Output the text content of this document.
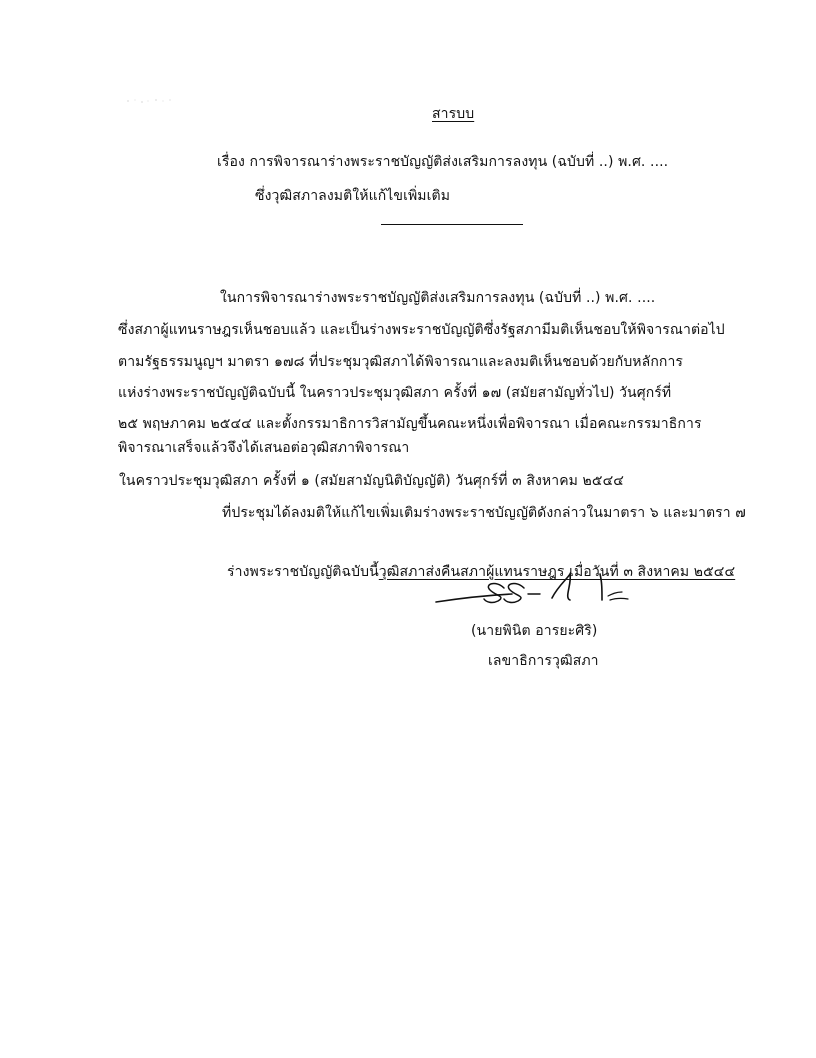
สารบบ
เรื่อง การพิจารณาร่างพระราชบัญญัติส่งเสริมการลงทุน (ฉบับที่ ..) พ.ศ. ....
ซึ่งวุฒิสภาลงมติให้แก้ไขเพิ่มเติม
ในการพิจารณาร่างพระราชบัญญัติส่งเสริมการลงทุน (ฉบับที่ ..) พ.ศ. ....
ซึ่งสภาผู้แทนราษฎรเห็นชอบแล้ว และเป็นร่างพระราชบัญญัติซึ่งรัฐสภามีมติเห็นชอบให้พิจารณาต่อไป
ตามรัฐธรรมนูญฯ มาตรา ๑๗๘ ที่ประชุมวุฒิสภาได้พิจารณาและลงมติเห็นชอบด้วยกับหลักการ
แห่งร่างพระราชบัญญัติฉบับนี้ ในคราวประชุมวุฒิสภา ครั้งที่ ๑๗ (สมัยสามัญทั่วไป) วันศุกร์ที่
๒๕ พฤษภาคม ๒๕๔๔ และตั้งกรรมาธิการวิสามัญขึ้นคณะหนึ่งเพื่อพิจารณา เมื่อคณะกรรมาธิการ
พิจารณาเสร็จแล้วจึงได้เสนอต่อวุฒิสภาพิจารณา
ในคราวประชุมวุฒิสภา ครั้งที่ ๑ (สมัยสามัญนิติบัญญัติ) วันศุกร์ที่ ๓ สิงหาคม ๒๕๔๔
ที่ประชุมได้ลงมติให้แก้ไขเพิ่มเติมร่างพระราชบัญญัติดังกล่าวในมาตรา ๖ และมาตรา ๗
ร่างพระราชบัญญัติฉบับนี้วุฒิสภาส่งคืนสภาผู้แทนราษฎร เมื่อวันที่ ๓ สิงหาคม ๒๕๔๔
(นายพินิต อารยะศิริ)
เลขาธิการวุฒิสภา
